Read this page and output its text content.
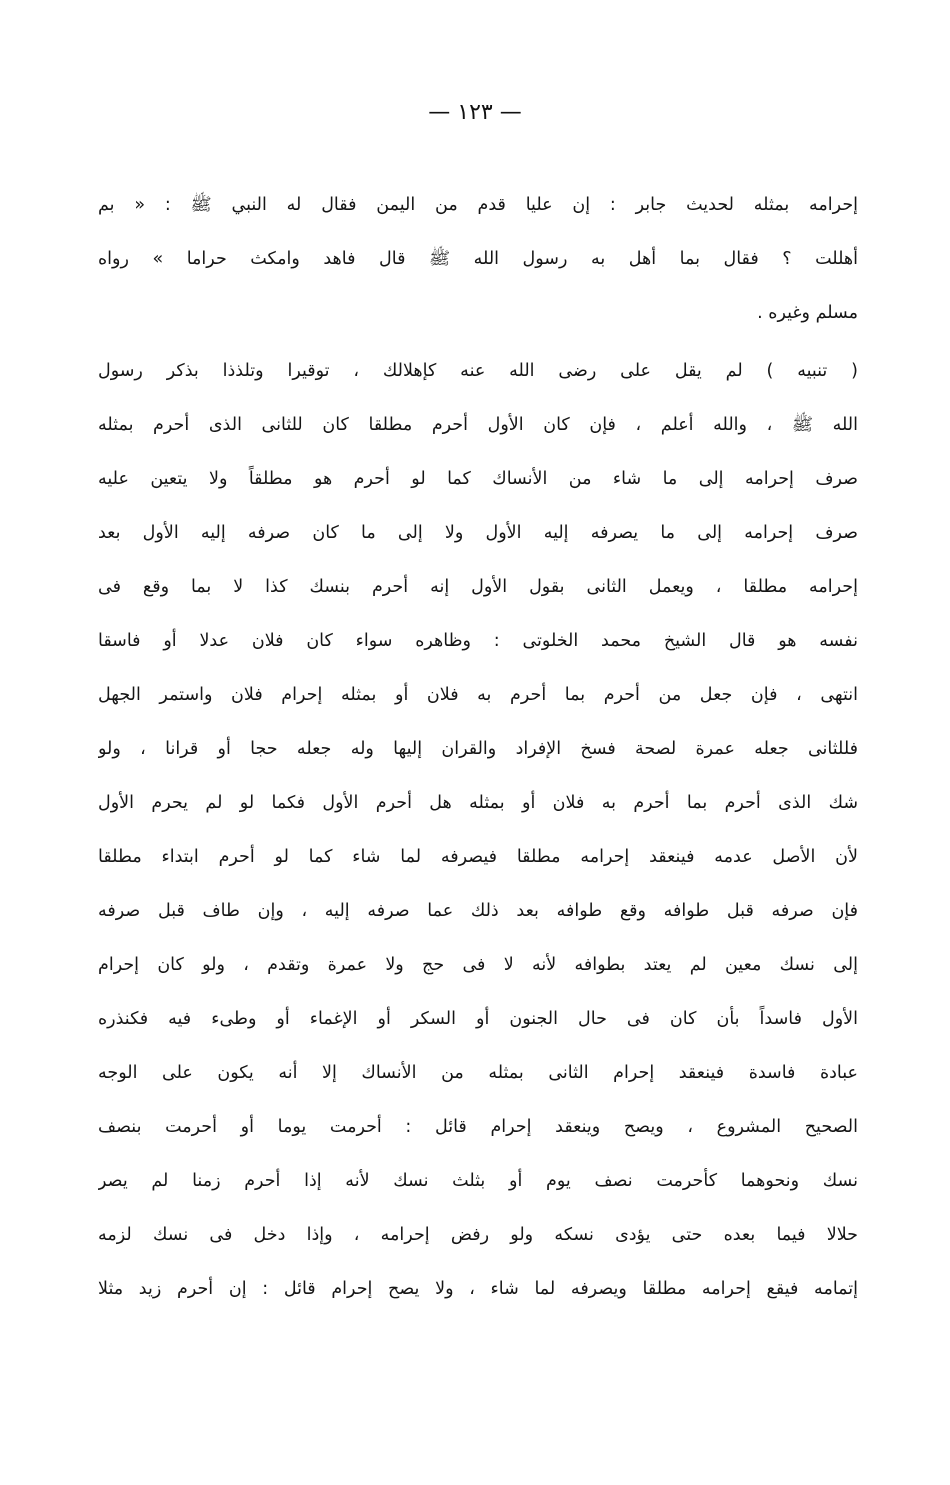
— ١٢٣ —
إحرامه بمثله لحديث جابر : إن عليا قدم من اليمن فقال له النبي ﷺ : « بم
أهللت ؟ فقال بما أهل به رسول الله ﷺ قال فاهد وامكث حراما » رواه
مسلم وغيره .
( تنبيه ) لم يقل على رضى الله عنه كإهلالك ، توقيرا وتلذذا بذكر رسول
الله ﷺ ، والله أعلم ، فإن كان الأول أحرم مطلقا كان للثانى الذى أحرم بمثله
صرف إحرامه إلى ما شاء من الأنساك كما لو أحرم هو مطلقاً ولا يتعين عليه
صرف إحرامه إلى ما يصرفه إليه الأول ولا إلى ما كان صرفه إليه الأول بعد
إحرامه مطلقا ، ويعمل الثانى بقول الأول إنه أحرم بنسك كذا لا بما وقع فى
نفسه هو قال الشيخ محمد الخلوتى : وظاهره سواء كان فلان عدلا أو فاسقا
انتهى ، فإن جعل من أحرم بما أحرم به فلان أو بمثله إحرام فلان واستمر الجهل
فللثانى جعله عمرة لصحة فسخ الإفراد والقران إليها وله جعله حجا أو قرانا ، ولو
شك الذى أحرم بما أحرم به فلان أو بمثله هل أحرم الأول فكما لو لم يحرم الأول
لأن الأصل عدمه فينعقد إحرامه مطلقا فيصرفه لما شاء كما لو أحرم ابتداء مطلقا
فإن صرفه قبل طوافه وقع طوافه بعد ذلك عما صرفه إليه ، وإن طاف قبل صرفه
إلى نسك معين لم يعتد بطوافه لأنه لا فى حج ولا عمرة وتقدم ، ولو كان إحرام
الأول فاسداً بأن كان فى حال الجنون أو السكر أو الإغماء أو وطىء فيه فكنذره
عبادة فاسدة فينعقد إحرام الثانى بمثله من الأنساك إلا أنه يكون على الوجه
الصحيح المشروع ، ويصح وينعقد إحرام قائل : أحرمت يوما أو أحرمت بنصف
نسك ونحوهما كأحرمت نصف يوم أو بثلث نسك لأنه إذا أحرم زمنا لم يصر
حلالا فيما بعده حتى يؤدى نسكه ولو رفض إحرامه ، وإذا دخل فى نسك لزمه
إتمامه فيقع إحرامه مطلقا ويصرفه لما شاء ، ولا يصح إحرام قائل : إن أحرم زيد مثلا
